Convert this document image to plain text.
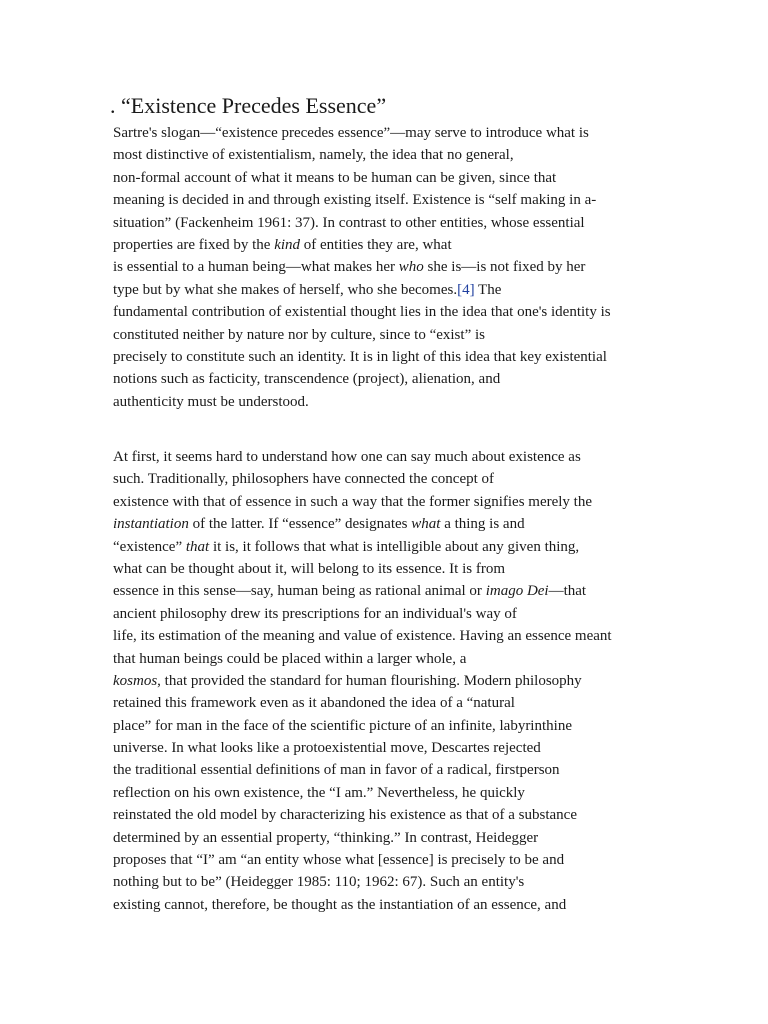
. “Existence Precedes Essence”
Sartre's slogan—“existence precedes essence”—may serve to introduce what is
most distinctive of existentialism, namely, the idea that no general,
non-formal account of what it means to be human can be given, since that
meaning is decided in and through existing itself. Existence is “self making in a-
situation” (Fackenheim 1961: 37). In contrast to other entities, whose essential
properties are fixed by the kind of entities they are, what
is essential to a human being—what makes her who she is—is not fixed by her
type but by what she makes of herself, who she becomes.[4] The
fundamental contribution of existential thought lies in the idea that one's identity is
constituted neither by nature nor by culture, since to “exist” is
precisely to constitute such an identity. It is in light of this idea that key existential
notions such as facticity, transcendence (project), alienation, and
authenticity must be understood.
At first, it seems hard to understand how one can say much about existence as
such. Traditionally, philosophers have connected the concept of
existence with that of essence in such a way that the former signifies merely the
instantiation of the latter. If “essence” designates what a thing is and
“existence” that it is, it follows that what is intelligible about any given thing,
what can be thought about it, will belong to its essence. It is from
essence in this sense—say, human being as rational animal or imago Dei—that
ancient philosophy drew its prescriptions for an individual's way of
life, its estimation of the meaning and value of existence. Having an essence meant
that human beings could be placed within a larger whole, a
kosmos, that provided the standard for human flourishing. Modern philosophy
retained this framework even as it abandoned the idea of a “natural
place” for man in the face of the scientific picture of an infinite, labyrinthine
universe. In what looks like a protoexistential move, Descartes rejected
the traditional essential definitions of man in favor of a radical, firstperson
reflection on his own existence, the “I am.” Nevertheless, he quickly
reinstated the old model by characterizing his existence as that of a substance
determined by an essential property, “thinking.” In contrast, Heidegger
proposes that “I” am “an entity whose what [essence] is precisely to be and
nothing but to be” (Heidegger 1985: 110; 1962: 67). Such an entity's
existing cannot, therefore, be thought as the instantiation of an essence, and
